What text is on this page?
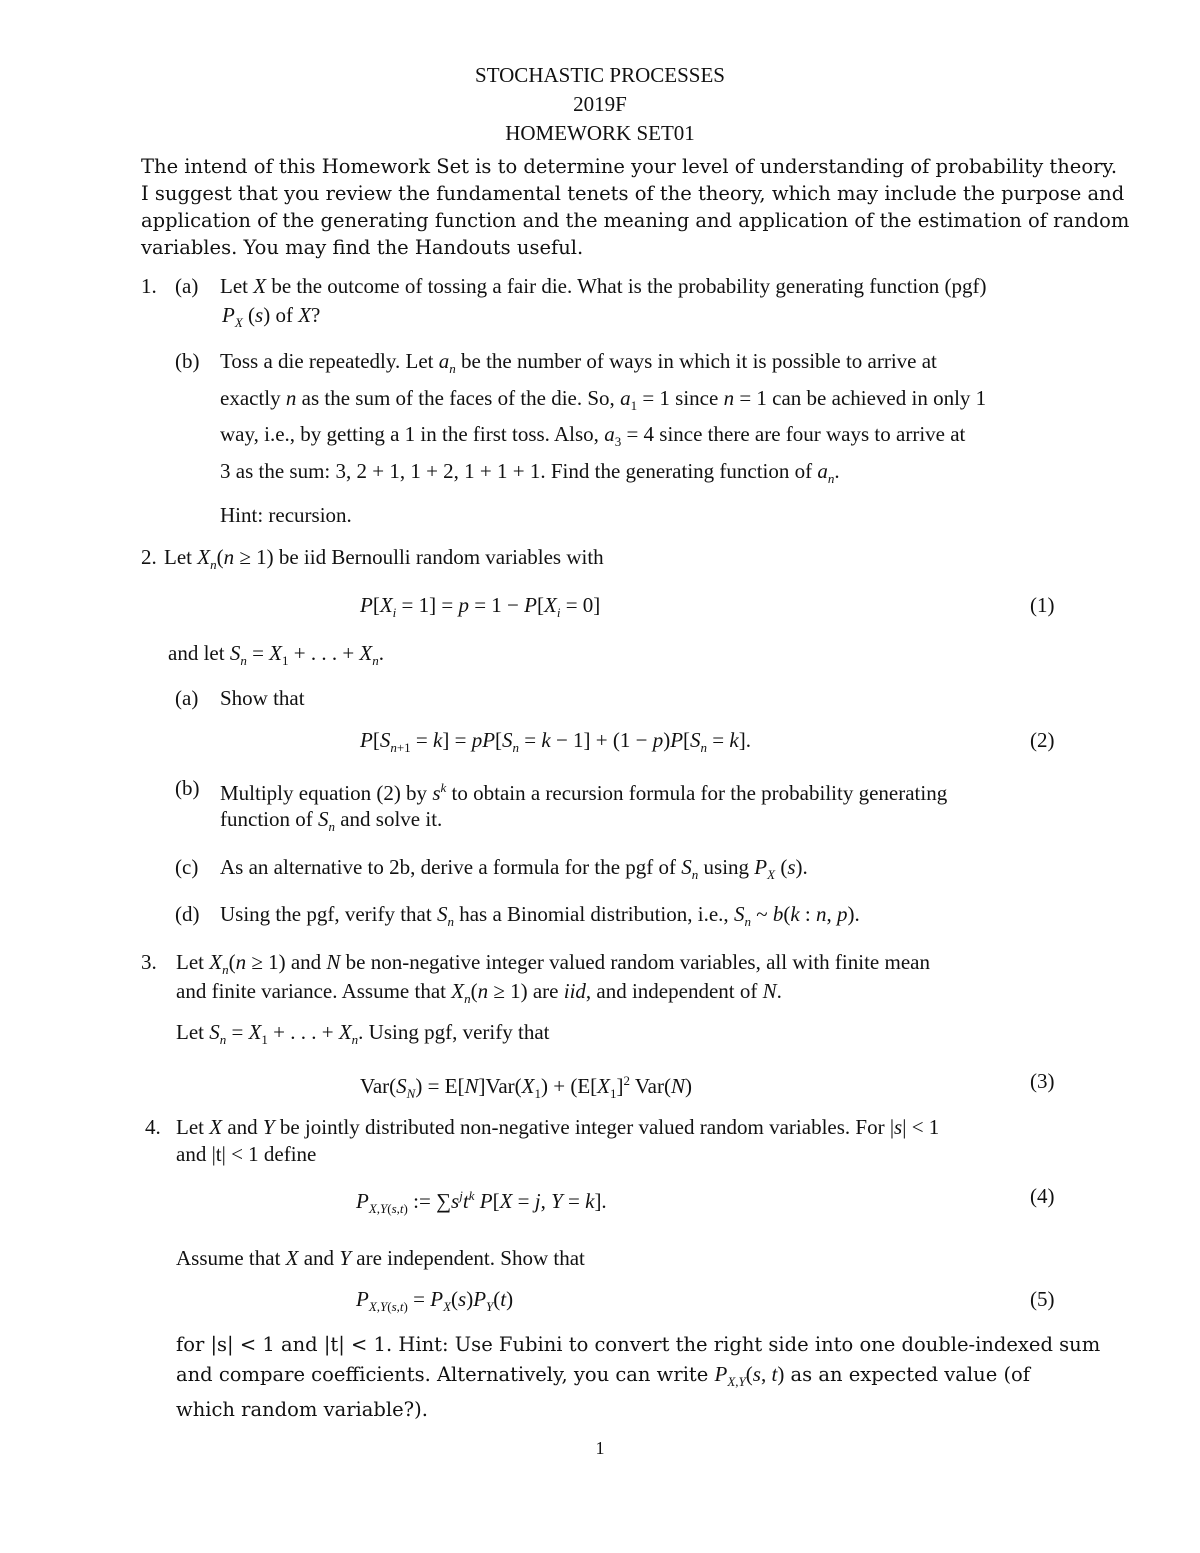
STOCHASTIC PROCESSES
2019F
HOMEWORK SET01
The intend of this Homework Set is to determine your level of understanding of probability theory.
I suggest that you review the fundamental tenets of the theory, which may include the purpose and
application of the generating function and the meaning and application of the estimation of random
variables. You may find the Handouts useful.
1. (a) Let X be the outcome of tossing a fair die. What is the probability generating function (pgf)
$P_X$ (s) of X?
(b) Toss a die repeatedly. Let $a_n$ be the number of ways in which it is possible to arrive at
exactly n as the sum of the faces of the die. So, $a_1 = 1$ since n = 1 can be achieved in only 1
way, i.e., by getting a 1 in the first toss. Also, $a_3 = 4$ since there are four ways to arrive at
3 as the sum: 3, 2 + 1, 1 + 2, 1 + 1 + 1. Find the generating function of $a_n$.
Hint: recursion.
2. Let $X_n(n \ge 1)$ be iid Bernoulli random variables with
$P[X_i = 1] = p = 1 - P[X_i = 0]$	(1)
and let $S_n = X_1$ + . . . + $X_n$.
(a) Show that
$P[S_{n+1} = k] = pP[S_n = k - 1] + (1 - p)P[S_n = k]$.	(2)
(b) Multiply equation (2) by $s^k$ to obtain a recursion formula for the probability generating
function of $S_n$ and solve it.
(c) As an alternative to 2b, derive a formula for the pgf of $S_n$ using $P_X$ (s).
(d) Using the pgf, verify that $S_n$ has a Binomial distribution, i.e., $S_n$ ~ b(k : n, p).
3. Let $X_n(n \ge 1)$ and N be non-negative integer valued random variables, all with finite mean
and finite variance. Assume that $X_n(n \ge 1)$ are iid, and independent of N.
Let $S_n = X_1$ + . . . + $X_n$. Using pgf, verify that
$Var(S_N) = E[N]Var(X_1) + (E[X_1]^2$ Var(N)	(3)
4. Let X and Y be jointly distributed non-negative integer valued random variables. For |s| < 1
and |t| < 1 define
$P_{X,Y(s,t)}$ := $\sum s^jt^k$ P[X = j, Y = k].	(4)
Assume that X and Y are independent. Show that
$P_{X,Y(s,t)} = P_X(s)P_Y(t)$	(5)
for |s| < 1 and |t| < 1. Hint: Use Fubini to convert the right side into one double-indexed sum
and compare coefficients. Alternatively, you can write $P_{X,Y}(s$, t) as an expected value (of
which random variable?).
1
